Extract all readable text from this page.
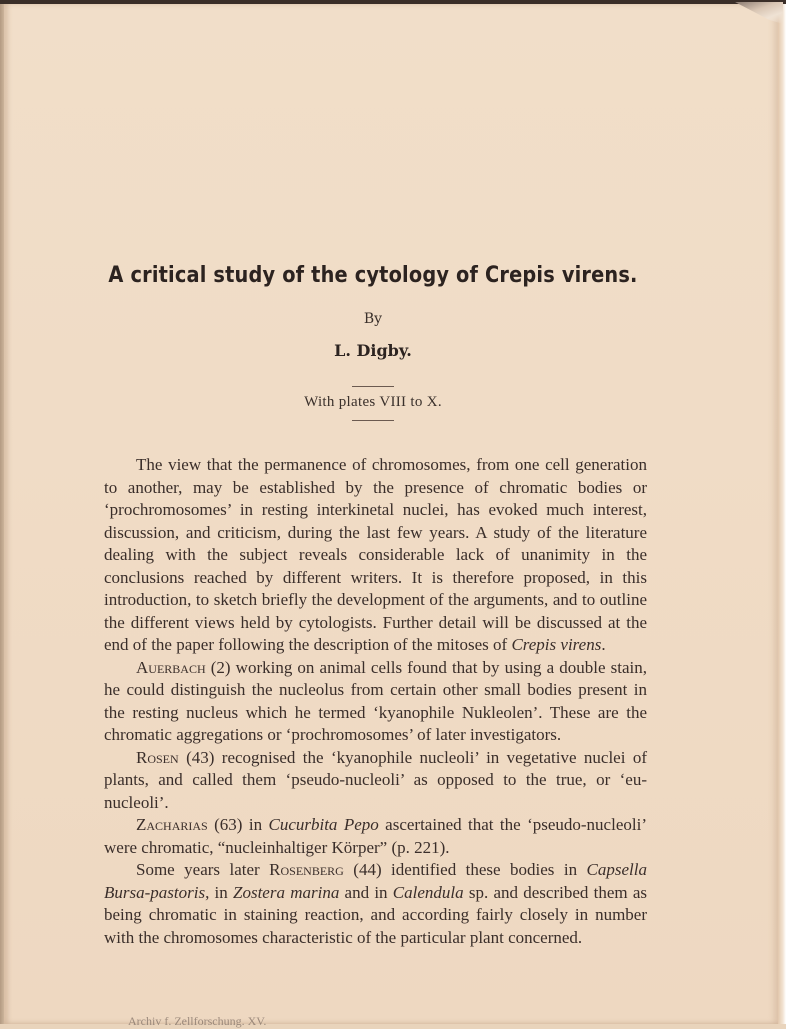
A critical study of the cytology of Crepis virens.
By
L. Digby.
With plates VIII to X.

The view that the permanence of chromosomes, from one cell generation to another, may be established by the presence of chromatic bodies or ‘prochromosomes’ in resting interkinetal nuclei, has evoked much interest, discussion, and criticism, during the last few years. A study of the literature dealing with the subject reveals considerable lack of unanimity in the conclusions reached by different writers. It is therefore proposed, in this introduction, to sketch briefly the development of the arguments, and to outline the different views held by cytologists. Further detail will be discussed at the end of the paper following the description of the mitoses of Crepis virens.

Auerbach (2) working on animal cells found that by using a double stain, he could distinguish the nucleolus from certain other small bodies present in the resting nucleus which he termed ‘kyanophile Nukleolen’. These are the chromatic aggregations or ‘prochromosomes’ of later investigators.

Rosen (43) recognised the ‘kyanophile nucleoli’ in vegetative nuclei of plants, and called them ‘pseudo-nucleoli’ as opposed to the true, or ‘eu-nucleoli’.

Zacharias (63) in Cucurbita Pepo ascertained that the ‘pseudo-nucleoli’ were chromatic, “nucleinhaltiger Körper” (p. 221).

Some years later Rosenberg (44) identified these bodies in Capsella Bursa-pastoris, in Zostera marina and in Calendula sp. and described them as being chromatic in staining reaction, and according fairly closely in number with the chromosomes characteristic of the particular plant concerned.

Archiv f. Zellforschung. XV.
